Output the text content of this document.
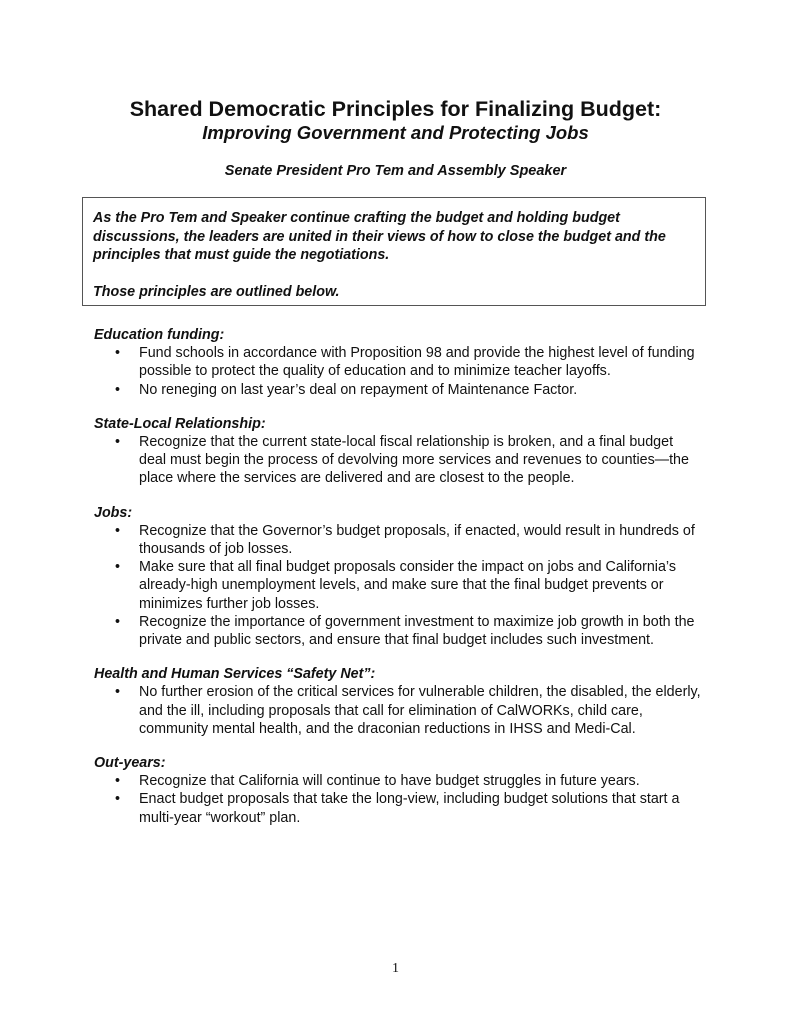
Shared Democratic Principles for Finalizing Budget:
Improving Government and Protecting Jobs
Senate President Pro Tem and Assembly Speaker

As the Pro Tem and Speaker continue crafting the budget and holding budget discussions, the leaders are united in their views of how to close the budget and the principles that must guide the negotiations.

Those principles are outlined below.

Education funding:
• Fund schools in accordance with Proposition 98 and provide the highest level of funding possible to protect the quality of education and to minimize teacher layoffs.
• No reneging on last year’s deal on repayment of Maintenance Factor.
State-Local Relationship:
• Recognize that the current state-local fiscal relationship is broken, and a final budget deal must begin the process of devolving more services and revenues to counties—the place where the services are delivered and are closest to the people.
Jobs:
• Recognize that the Governor’s budget proposals, if enacted, would result in hundreds of thousands of job losses.
• Make sure that all final budget proposals consider the impact on jobs and California’s already-high unemployment levels, and make sure that the final budget prevents or minimizes further job losses.
• Recognize the importance of government investment to maximize job growth in both the private and public sectors, and ensure that final budget includes such investment.
Health and Human Services “Safety Net”:
• No further erosion of the critical services for vulnerable children, the disabled, the elderly, and the ill, including proposals that call for elimination of CalWORKs, child care, community mental health, and the draconian reductions in IHSS and Medi-Cal.
Out-years:
• Recognize that California will continue to have budget struggles in future years.
• Enact budget proposals that take the long-view, including budget solutions that start a multi-year “workout” plan.
1
